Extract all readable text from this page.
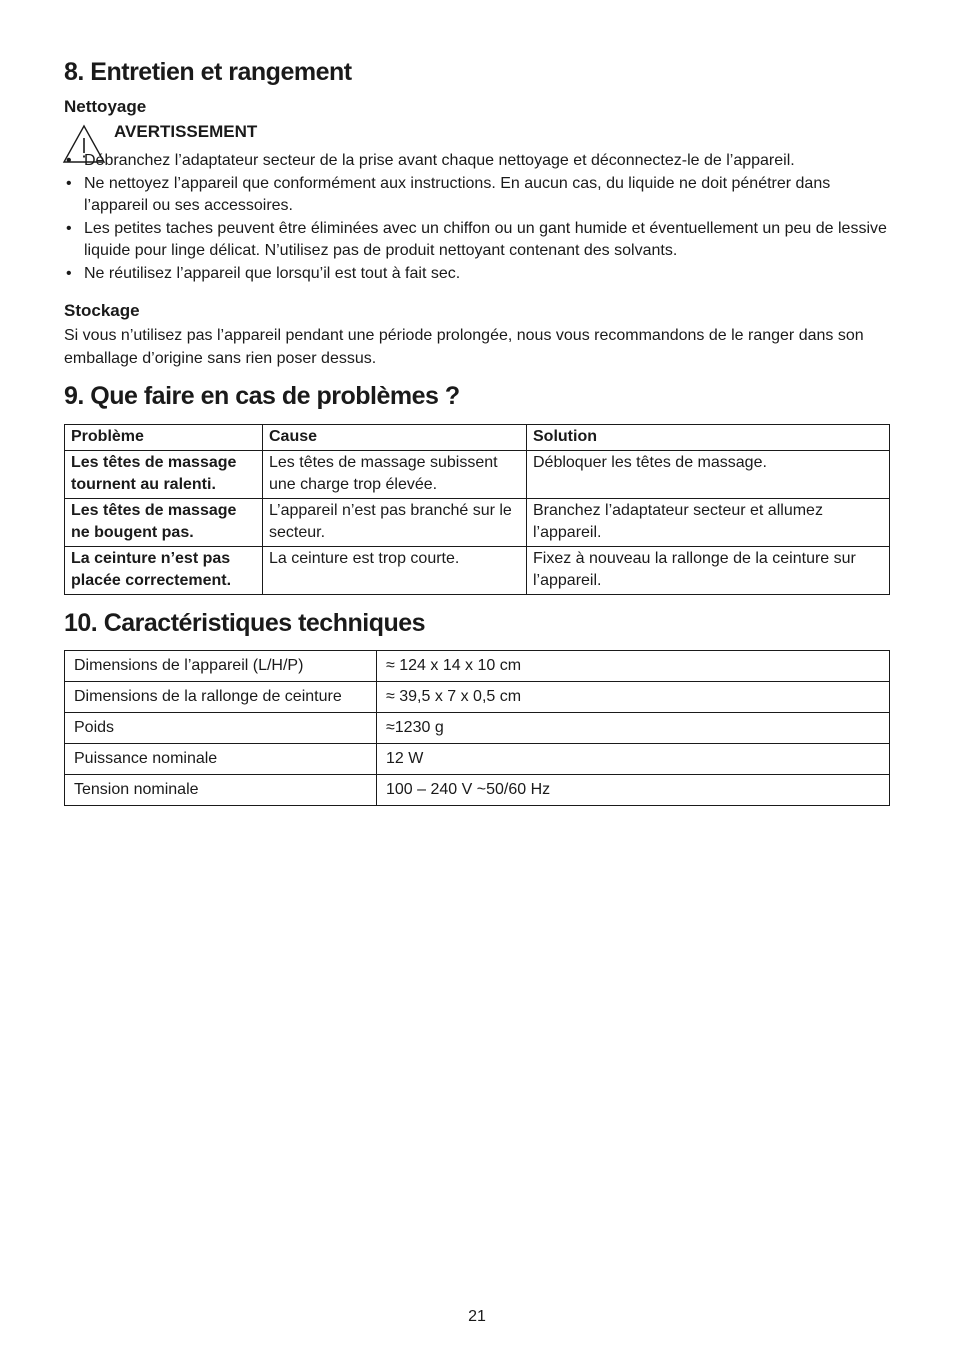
8. Entretien et rangement
Nettoyage
AVERTISSEMENT
• Débranchez l’adaptateur secteur de la prise avant chaque nettoyage et déconnectez-le de l’appareil.
• Ne nettoyez l’appareil que conformément aux instructions. En aucun cas, du liquide ne doit pénétrer dans l’appareil ou ses accessoires.
• Les petites taches peuvent être éliminées avec un chiffon ou un gant humide et éventuellement un peu de lessive liquide pour linge délicat. N’utilisez pas de produit nettoyant contenant des solvants.
• Ne réutilisez l’appareil que lorsqu’il est tout à fait sec.
Stockage

Si vous n’utilisez pas l’appareil pendant une période prolongée, nous vous recommandons de le ranger dans son emballage d’origine sans rien poser dessus.

9. Que faire en cas de problèmes ?
Problème	Cause	Solution
Les têtes de massage tournent au ralenti.	Les têtes de massage subissent une charge trop élevée.	Débloquer les têtes de massage.
Les têtes de massage ne bougent pas.	L’appareil n’est pas branché sur le secteur.	Branchez l’adaptateur secteur et allumez l’appareil.
La ceinture n’est pas placée correctement.	La ceinture est trop courte.	Fixez à nouveau la rallonge de la ceinture sur l’appareil.
10. Caractéristiques techniques
Dimensions de l’appareil (L/H/P)	≈ 124 x 14 x 10 cm
Dimensions de la rallonge de ceinture	≈ 39,5 x 7 x 0,5 cm
Poids	≈1230 g
Puissance nominale	12 W
Tension nominale	100 – 240 V ~50/60 Hz
21
